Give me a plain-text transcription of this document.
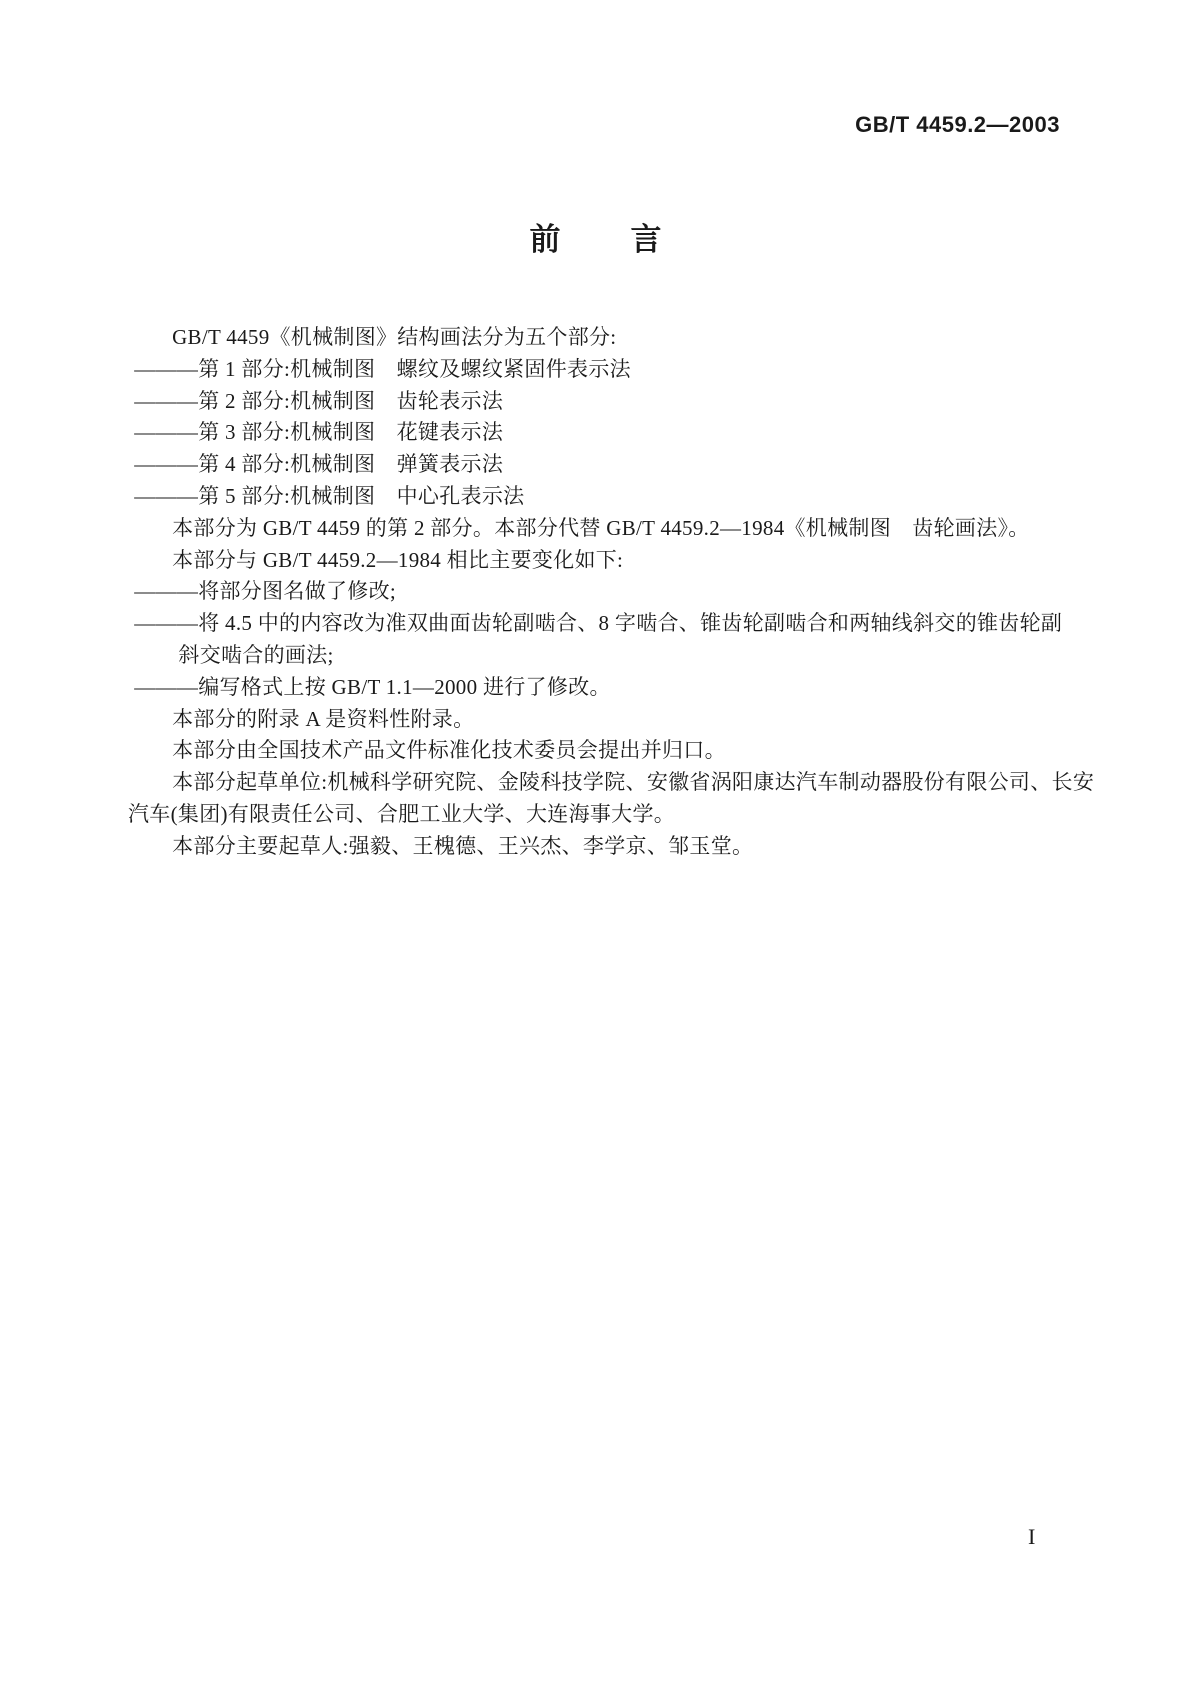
GB/T 4459.2—2003
前 言

GB/T 4459《机械制图》结构画法分为五个部分:

———第 1 部分:机械制图　螺纹及螺纹紧固件表示法

———第 2 部分:机械制图　齿轮表示法

———第 3 部分:机械制图　花键表示法

———第 4 部分:机械制图　弹簧表示法

———第 5 部分:机械制图　中心孔表示法

本部分为 GB/T 4459 的第 2 部分。本部分代替 GB/T 4459.2—1984《机械制图　齿轮画法》。

本部分与 GB/T 4459.2—1984 相比主要变化如下:

———将部分图名做了修改;

———将 4.5 中的内容改为准双曲面齿轮副啮合、8 字啮合、锥齿轮副啮合和两轴线斜交的锥齿轮副

斜交啮合的画法;

———编写格式上按 GB/T 1.1—2000 进行了修改。

本部分的附录 A 是资料性附录。

本部分由全国技术产品文件标准化技术委员会提出并归口。

本部分起草单位:机械科学研究院、金陵科技学院、安徽省涡阳康达汽车制动器股份有限公司、长安

汽车(集团)有限责任公司、合肥工业大学、大连海事大学。

本部分主要起草人:强毅、王槐德、王兴杰、李学京、邹玉堂。

I
